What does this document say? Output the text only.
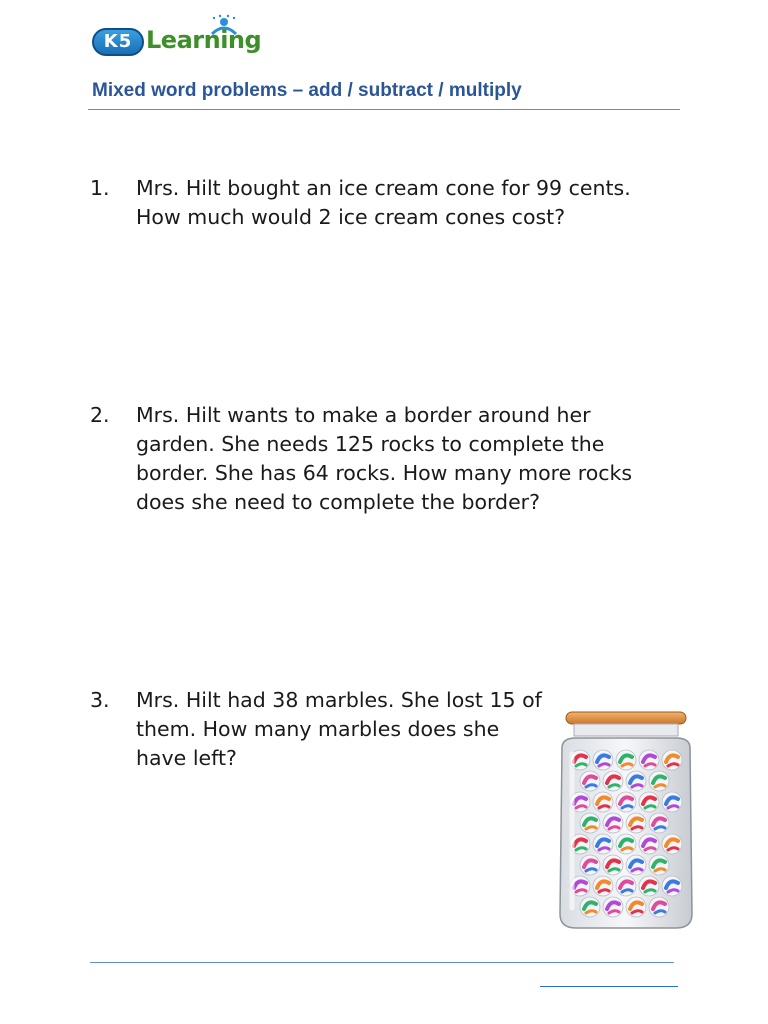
K5 Learning
Mixed word problems – add / subtract / multiply
1. Mrs. Hilt bought an ice cream cone for 99 cents.
How much would 2 ice cream cones cost?
2. Mrs. Hilt wants to make a border around her
garden. She needs 125 rocks to complete the
border. She has 64 rocks. How many more rocks
does she need to complete the border?
3. Mrs. Hilt had 38 marbles. She lost 15 of
them. How many marbles does she
have left?
